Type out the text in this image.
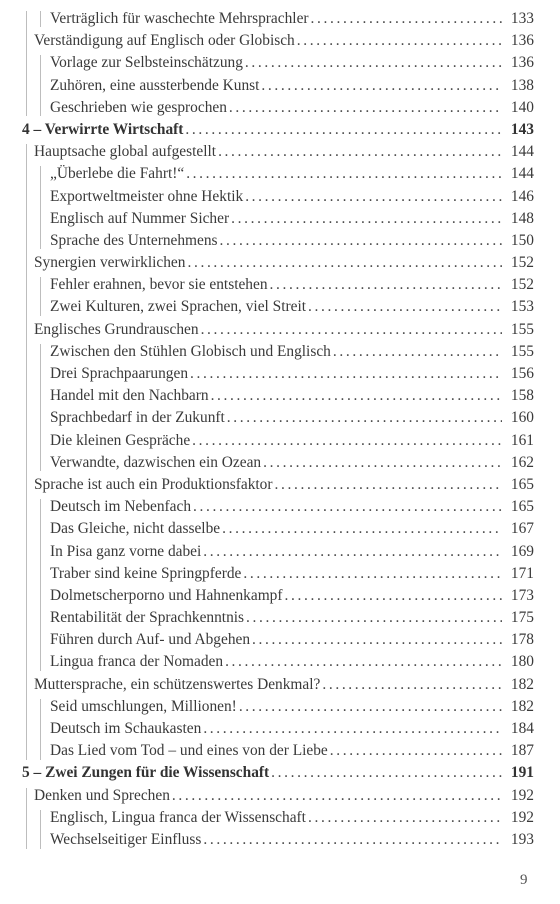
Verträglich für waschechte Mehrsprachler . . .	133
Verständigung auf Englisch oder Globisch . . .	136
Vorlage zur Selbsteinschätzung . . .	136
Zuhören, eine aussterbende Kunst . . .	138
Geschrieben wie gesprochen . . .	140
4 – Verwirrte Wirtschaft . . .	143
Hauptsache global aufgestellt . . .	144
„Überlebe die Fahrt!“ . . .	144
Exportweltmeister ohne Hektik . . .	146
Englisch auf Nummer Sicher . . .	148
Sprache des Unternehmens . . .	150
Synergien verwirklichen . . .	152
Fehler erahnen, bevor sie entstehen . . .	152
Zwei Kulturen, zwei Sprachen, viel Streit . . .	153
Englisches Grundrauschen . . .	155
Zwischen den Stühlen Globisch und Englisch . . .	155
Drei Sprachpaarungen . . .	156
Handel mit den Nachbarn . . .	158
Sprachbedarf in der Zukunft . . .	160
Die kleinen Gespräche . . .	161
Verwandte, dazwischen ein Ozean . . .	162
Sprache ist auch ein Produktionsfaktor . . .	165
Deutsch im Nebenfach . . .	165
Das Gleiche, nicht dasselbe . . .	167
In Pisa ganz vorne dabei . . .	169
Traber sind keine Springpferde . . .	171
Dolmetscherporno und Hahnenkampf . . .	173
Rentabilität der Sprachkenntnis . . .	175
Führen durch Auf- und Abgehen . . .	178
Lingua franca der Nomaden . . .	180
Muttersprache, ein schützenswertes Denkmal? . . .	182
Seid umschlungen, Millionen! . . .	182
Deutsch im Schaukasten . . .	184
Das Lied vom Tod – und eines von der Liebe . . .	187
5 – Zwei Zungen für die Wissenschaft . . .	191
Denken und Sprechen . . .	192
Englisch, Lingua franca der Wissenschaft . . .	192
Wechselseitiger Einfluss . . .	193
9
